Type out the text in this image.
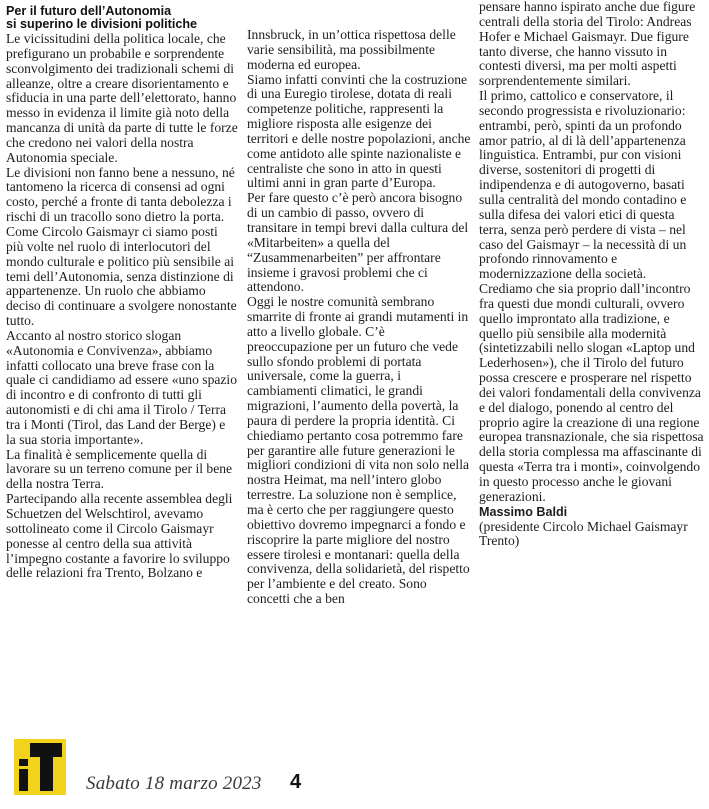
Per il futuro dell’Autonomia
si superino le divisioni politiche

Le vicissitudini della politica locale, che prefigurano un probabile e sorprendente sconvolgimento dei tradizionali schemi di alleanze, oltre a creare disorientamento e sfiducia in una parte dell’elettorato, hanno messo in evidenza il limite già noto della mancanza di unità da parte di tutte le forze che credono nei valori della nostra Autonomia speciale.

Le divisioni non fanno bene a nessuno, né tantomeno la ricerca di consensi ad ogni costo, perché a fronte di tanta debolezza i rischi di un tracollo sono dietro la porta. Come Circolo Gaismayr ci siamo posti più volte nel ruolo di interlocutori del mondo culturale e politico più sensibile ai temi dell’Autonomia, senza distinzione di appartenenze. Un ruolo che abbiamo deciso di continuare a svolgere nonostante tutto.

Accanto al nostro storico slogan «Autonomia e Convivenza», abbiamo infatti collocato una breve frase con la quale ci candidiamo ad essere «uno spazio di incontro e di confronto di tutti gli autonomisti e di chi ama il Tirolo / Terra tra i Monti (Tirol, das Land der Berge) e la sua storia importante».

La finalità è semplicemente quella di lavorare su un terreno comune per il bene della nostra Terra.

Partecipando alla recente assemblea degli Schuetzen del Welschtirol, avevamo sottolineato come il Circolo Gaismayr ponesse al centro della sua attività l’impegno costante a favorire lo sviluppo delle relazioni fra Trento, Bolzano e

Innsbruck, in un’ottica rispettosa delle varie sensibilità, ma possibilmente moderna ed europea.

Siamo infatti convinti che la costruzione di una Euregio tirolese, dotata di reali competenze politiche, rappresenti la migliore risposta alle esigenze dei territori e delle nostre popolazioni, anche come antidoto alle spinte nazionaliste e centraliste che sono in atto in questi ultimi anni in gran parte d’Europa.

Per fare questo c’è però ancora bisogno di un cambio di passo, ovvero di transitare in tempi brevi dalla cultura del «Mitarbeiten» a quella del “Zusammenarbeiten” per affrontare insieme i gravosi problemi che ci attendono.

Oggi le nostre comunità sembrano smarrite di fronte ai grandi mutamenti in atto a livello globale. C’è preoccupazione per un futuro che vede sullo sfondo problemi di portata universale, come la guerra, i cambiamenti climatici, le grandi migrazioni, l’aumento della povertà, la paura di perdere la propria identità. Ci chiediamo pertanto cosa potremmo fare per garantire alle future generazioni le migliori condizioni di vita non solo nella nostra Heimat, ma nell’intero globo terrestre. La soluzione non è semplice, ma è certo che per raggiungere questo obiettivo dovremo impegnarci a fondo e riscoprire la parte migliore del nostro essere tirolesi e montanari: quella della convivenza, della solidarietà, del rispetto per l’ambiente e del creato. Sono concetti che a ben

pensare hanno ispirato anche due figure centrali della storia del Tirolo: Andreas Hofer e Michael Gaismayr. Due figure tanto diverse, che hanno vissuto in contesti diversi, ma per molti aspetti sorprendentemente similari.

Il primo, cattolico e conservatore, il secondo progressista e rivoluzionario: entrambi, però, spinti da un profondo amor patrio, al di là dell’appartenenza linguistica. Entrambi, pur con visioni diverse, sostenitori di progetti di indipendenza e di autogoverno, basati sulla centralità del mondo contadino e sulla difesa dei valori etici di questa terra, senza però perdere di vista – nel caso del Gaismayr – la necessità di un profondo rinnovamento e modernizzazione della società.

Crediamo che sia proprio dall’incontro fra questi due mondi culturali, ovvero quello improntato alla tradizione, e quello più sensibile alla modernità (sintetizzabili nello slogan «Laptop und Lederhosen»), che il Tirolo del futuro possa crescere e prosperare nel rispetto dei valori fondamentali della convivenza e del dialogo, ponendo al centro del proprio agire la creazione di una regione europea transnazionale, che sia rispettosa della storia complessa ma affascinante di questa «Terra tra i monti», coinvolgendo in questo processo anche le giovani generazioni.

Massimo Baldi

(presidente Circolo Michael Gaismayr Trento)

Sabato 18 marzo 2023 4
